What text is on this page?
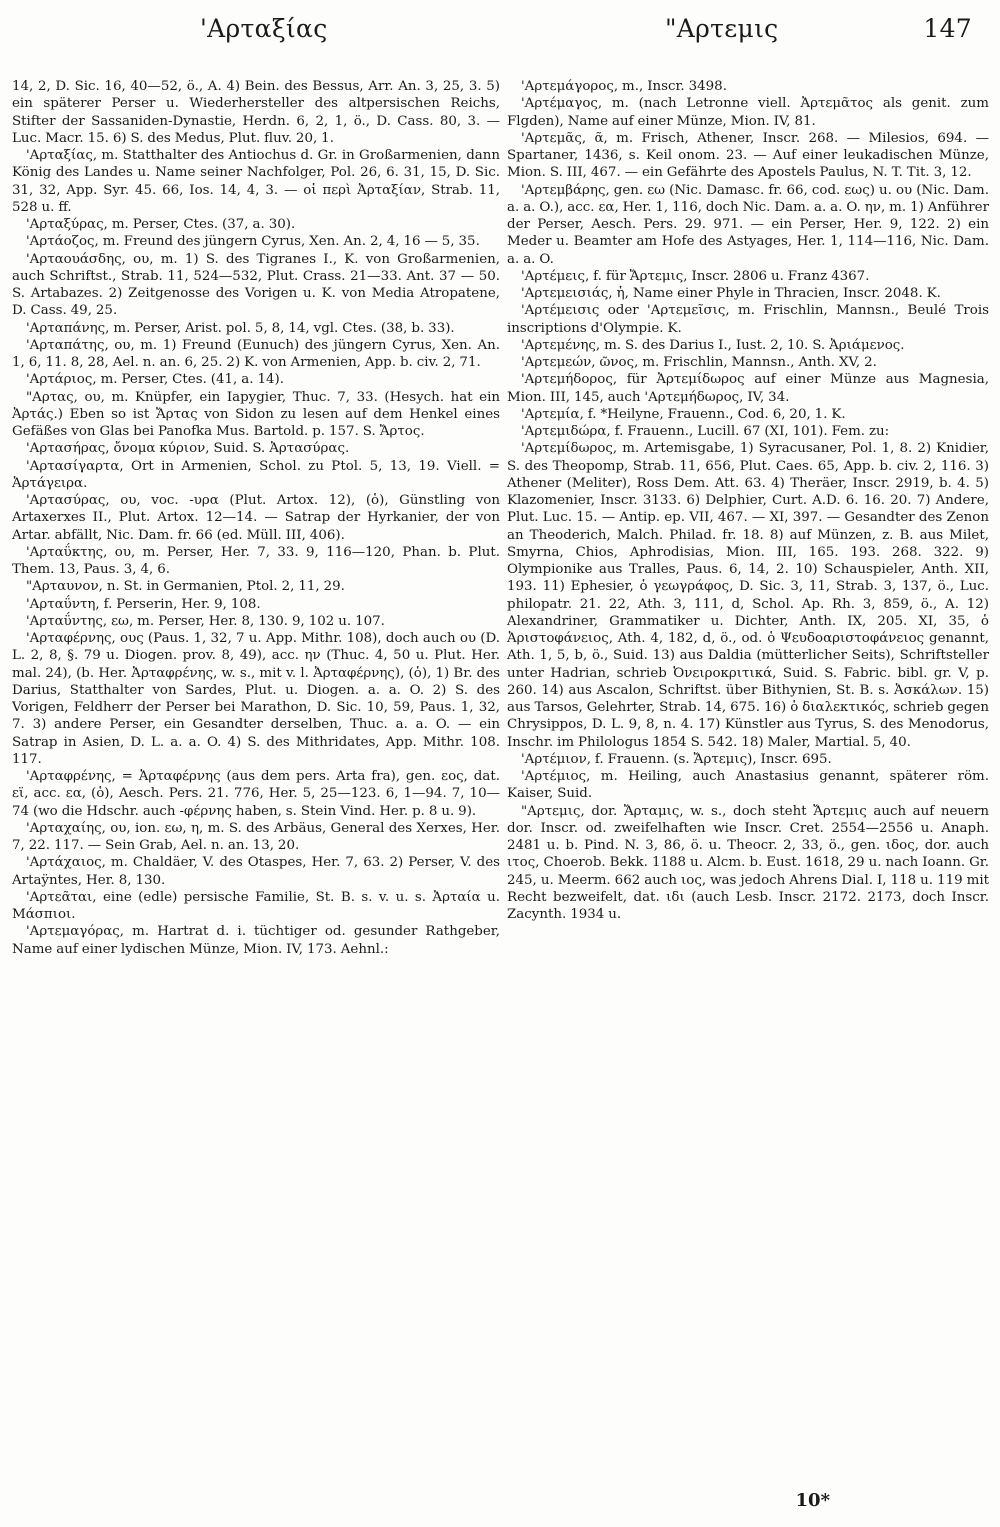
'Αρταξίας	"Αρτεμις	147

14, 2, D. Sic. 16, 40—52, ö., A. 4) Bein. des Bessus, Arr. An. 3, 25, 3. 5) ein späterer Perser u. Wiederhersteller des altpersischen Reichs, Stifter der Sassaniden-Dynastie, Herdn. 6, 2, 1, ö., D. Cass. 80, 3. — Luc. Macr. 15. 6) S. des Medus, Plut. fluv. 20, 1.

'Αρταξίας, m. Statthalter des Antiochus d. Gr. in Großarmenien, dann König des Landes u. Name seiner Nachfolger, Pol. 26, 6. 31, 15, D. Sic. 31, 32, App. Syr. 45. 66, Ios. 14, 4, 3. — οἱ περὶ Ἀρταξίαν, Strab. 11, 528 u. ff.

'Αρταξύρας, m. Perser, Ctes. (37, a. 30).

'Αρτάοζος, m. Freund des jüngern Cyrus, Xen. An. 2, 4, 16 — 5, 35.

'Αρταουάσδης, ου, m. 1) S. des Tigranes I., K. von Großarmenien, auch Schriftst., Strab. 11, 524—532, Plut. Crass. 21—33. Ant. 37 — 50. S. Artabazes. 2) Zeitgenosse des Vorigen u. K. von Media Atropatene, D. Cass. 49, 25.

'Αρταπάνης, m. Perser, Arist. pol. 5, 8, 14, vgl. Ctes. (38, b. 33).

'Αρταπάτης, ου, m. 1) Freund (Eunuch) des jüngern Cyrus, Xen. An. 1, 6, 11. 8, 28, Ael. n. an. 6, 25. 2) K. von Armenien, App. b. civ. 2, 71.

'Αρτάριος, m. Perser, Ctes. (41, a. 14).

"Αρτας, ου, m. Knüpfer, ein Iapygier, Thuc. 7, 33. (Hesych. hat ein Ἀρτάς.) Eben so ist Ἄρτας von Sidon zu lesen auf dem Henkel eines Gefäßes von Glas bei Panofka Mus. Bartold. p. 157. S. Ἄρτος.

'Αρτασήρας, ὄνομα κύριον, Suid. S. Ἀρτασύρας.

'Αρτασίγαρτα, Ort in Armenien, Schol. zu Ptol. 5, 13, 19. Viell. = Ἀρτάγειρα.

'Αρτασύρας, ου, voc. -υρα (Plut. Artox. 12), (ὁ), Günstling von Artaxerxes II., Plut. Artox. 12—14. — Satrap der Hyrkanier, der von Artar. abfällt, Nic. Dam. fr. 66 (ed. Müll. III, 406).

'Αρταΰκτης, ου, m. Perser, Her. 7, 33. 9, 116—120, Phan. b. Plut. Them. 13, Paus. 3, 4, 6.

"Αρταυνον, n. St. in Germanien, Ptol. 2, 11, 29.

'Αρταΰντη, f. Perserin, Her. 9, 108.

'Αρταΰντης, εω, m. Perser, Her. 8, 130. 9, 102 u. 107.

'Αρταφέρνης, ους (Paus. 1, 32, 7 u. App. Mithr. 108), doch auch ου (D. L. 2, 8, §. 79 u. Diogen. prov. 8, 49), acc. ην (Thuc. 4, 50 u. Plut. Her. mal. 24), (b. Her. Ἀρταφρένης, w. s., mit v. l. Ἀρταφέρνης), (ὁ), 1) Br. des Darius, Statthalter von Sardes, Plut. u. Diogen. a. a. O. 2) S. des Vorigen, Feldherr der Perser bei Marathon, D. Sic. 10, 59, Paus. 1, 32, 7. 3) andere Perser, ein Gesandter derselben, Thuc. a. a. O. — ein Satrap in Asien, D. L. a. a. O. 4) S. des Mithridates, App. Mithr. 108. 117.

'Αρταφρένης, = Ἀρταφέρνης (aus dem pers. Arta fra), gen. εος, dat. εϊ, acc. εα, (ὁ), Aesch. Pers. 21. 776, Her. 5, 25—123. 6, 1—94. 7, 10—74 (wo die Hdschr. auch -φέρνης haben, s. Stein Vind. Her. p. 8 u. 9).

'Αρταχαίης, ου, ion. εω, η, m. S. des Arbäus, General des Xerxes, Her. 7, 22. 117. — Sein Grab, Ael. n. an. 13, 20.

'Αρτάχαιος, m. Chaldäer, V. des Otaspes, Her. 7, 63. 2) Perser, V. des Artaÿntes, Her. 8, 130.

'Αρτεᾶται, eine (edle) persische Familie, St. B. s. v. u. s. Ἀρταία u. Μάσπιοι.

'Αρτεμαγόρας, m. Hartrat d. i. tüchtiger od. gesunder Rathgeber, Name auf einer lydischen Münze, Mion. IV, 173. Aehnl.:

'Αρτεμάγορος, m., Inscr. 3498.

'Αρτέμαγος, m. (nach Letronne viell. Ἀρτεμᾶτος als genit. zum Flgden), Name auf einer Münze, Mion. IV, 81.

'Αρτεμᾶς, ᾶ, m. Frisch, Athener, Inscr. 268. — Milesios, 694. — Spartaner, 1436, s. Keil onom. 23. — Auf einer leukadischen Münze, Mion. S. III, 467. — ein Gefährte des Apostels Paulus, N. T. Tit. 3, 12.

'Αρτεμβάρης, gen. εω (Nic. Damasc. fr. 66, cod. εως) u. ου (Nic. Dam. a. a. O.), acc. εα, Her. 1, 116, doch Nic. Dam. a. a. O. ην, m. 1) Anführer der Perser, Aesch. Pers. 29. 971. — ein Perser, Her. 9, 122. 2) ein Meder u. Beamter am Hofe des Astyages, Her. 1, 114—116, Nic. Dam. a. a. O.

'Αρτέμεις, f. für Ἄρτεμις, Inscr. 2806 u. Franz 4367.

'Αρτεμεισιάς, ἡ, Name einer Phyle in Thracien, Inscr. 2048. K.

'Αρτέμεισις oder 'Αρτεμεῖσις, m. Frischlin, Mannsn., Beulé Trois inscriptions d'Olympie. K.

'Αρτεμένης, m. S. des Darius I., Iust. 2, 10. S. Ἀριάμενος.

'Αρτεμεών, ῶνος, m. Frischlin, Mannsn., Anth. XV, 2.

'Αρτεμήδορος, für Ἀρτεμίδωρος auf einer Münze aus Magnesia, Mion. III, 145, auch 'Αρτεμήδωρος, IV, 34.

'Αρτεμία, f. *Heilyne, Frauenn., Cod. 6, 20, 1. K.

'Αρτεμιδώρα, f. Frauenn., Lucill. 67 (XI, 101). Fem. zu:

'Αρτεμίδωρος, m. Artemisgabe, 1) Syracusaner, Pol. 1, 8. 2) Knidier, S. des Theopomp, Strab. 11, 656, Plut. Caes. 65, App. b. civ. 2, 116. 3) Athener (Meliter), Ross Dem. Att. 63. 4) Theräer, Inscr. 2919, b. 4. 5) Klazomenier, Inscr. 3133. 6) Delphier, Curt. A.D. 6. 16. 20. 7) Andere, Plut. Luc. 15. — Antip. ep. VII, 467. — XI, 397. — Gesandter des Zenon an Theoderich, Malch. Philad. fr. 18. 8) auf Münzen, z. B. aus Milet, Smyrna, Chios, Aphrodisias, Mion. III, 165. 193. 268. 322. 9) Olympionike aus Tralles, Paus. 6, 14, 2. 10) Schauspieler, Anth. XII, 193. 11) Ephesier, ὁ γεωγράφος, D. Sic. 3, 11, Strab. 3, 137, ö., Luc. philopatr. 21. 22, Ath. 3, 111, d, Schol. Ap. Rh. 3, 859, ö., A. 12) Alexandriner, Grammatiker u. Dichter, Anth. IX, 205. XI, 35, ὁ Ἀριστοφάνειος, Ath. 4, 182, d, ö., od. ὁ Ψευδοαριστοφάνειος genannt, Ath. 1, 5, b, ö., Suid. 13) aus Daldia (mütterlicher Seits), Schriftsteller unter Hadrian, schrieb Ὀνειροκριτικά, Suid. S. Fabric. bibl. gr. V, p. 260. 14) aus Ascalon, Schriftst. über Bithynien, St. B. s. Ἀσκάλων. 15) aus Tarsos, Gelehrter, Strab. 14, 675. 16) ὁ διαλεκτικός, schrieb gegen Chrysippos, D. L. 9, 8, n. 4. 17) Künstler aus Tyrus, S. des Menodorus, Inschr. im Philologus 1854 S. 542. 18) Maler, Martial. 5, 40.

'Αρτέμιον, f. Frauenn. (s. Ἄρτεμις), Inscr. 695.

'Αρτέμιος, m. Heiling, auch Anastasius genannt, späterer röm. Kaiser, Suid.

"Αρτεμις, dor. Ἄρταμις, w. s., doch steht Ἄρτεμις auch auf neuern dor. Inscr. od. zweifelhaften wie Inscr. Cret. 2554—2556 u. Anaph. 2481 u. b. Pind. N. 3, 86, ö. u. Theocr. 2, 33, ö., gen. ιδος, dor. auch ιτος, Choerob. Bekk. 1188 u. Alcm. b. Eust. 1618, 29 u. nach Ioann. Gr. 245, u. Meerm. 662 auch ιος, was jedoch Ahrens Dial. I, 118 u. 119 mit Recht bezweifelt, dat. ιδι (auch Lesb. Inscr. 2172. 2173, doch Inscr. Zacynth. 1934 u.

10*
